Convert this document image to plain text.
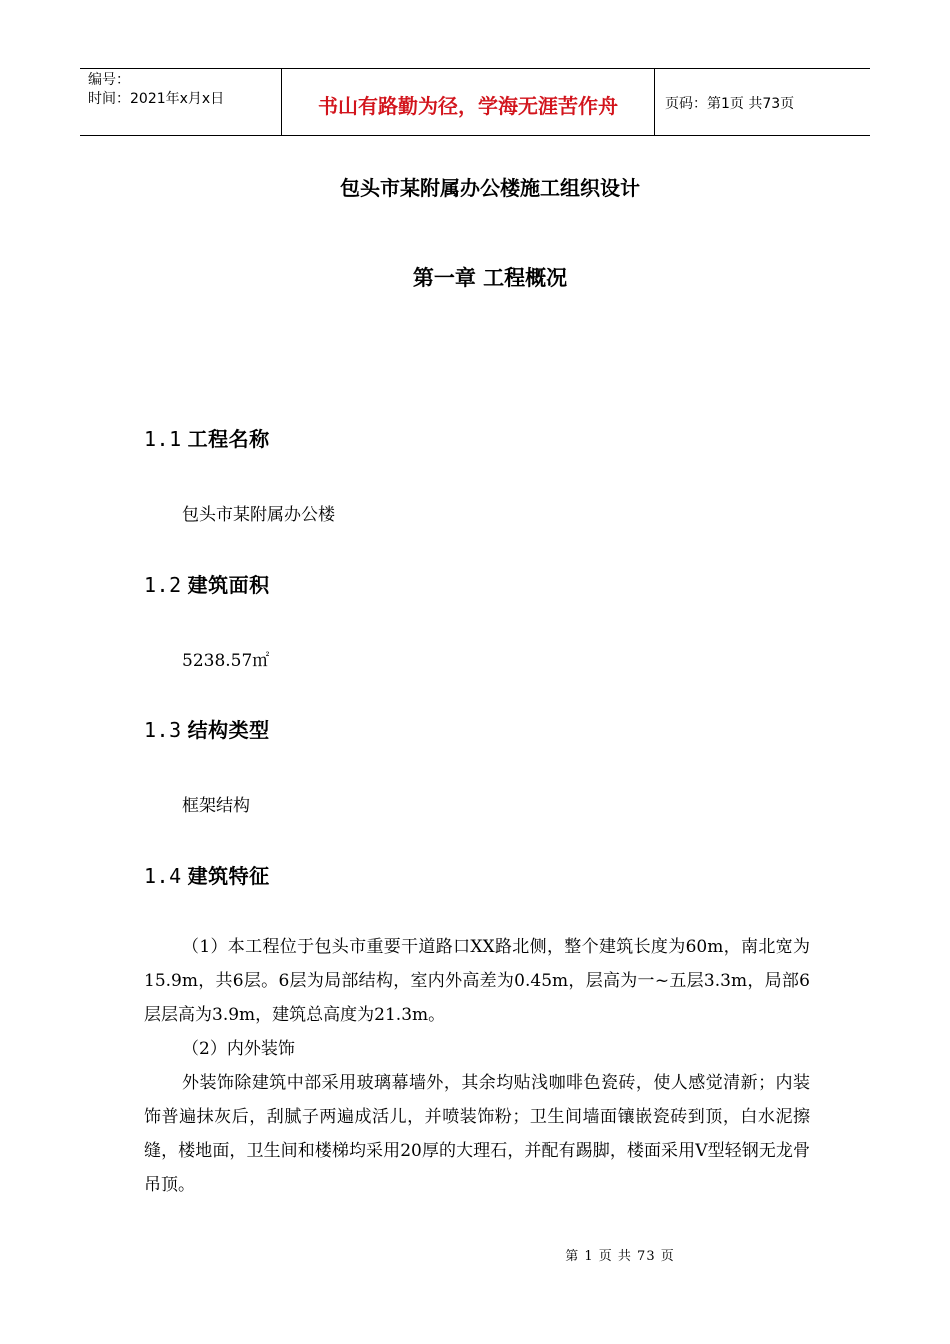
编号：
时间：2021年x月x日	书山有路勤为径，学海无涯苦作舟	页码：第1页 共73页
包头市某附属办公楼施工组织设计
第一章 工程概况
1.1 工程名称
包头市某附属办公楼
1.2 建筑面积
5238.57㎡
1.3 结构类型
框架结构
1.4 建筑特征

（1）本工程位于包头市重要干道路口XX路北侧，整个建筑长度为60m，南北宽为15.9m，共6层。6层为局部结构，室内外高差为0.45m，层高为一~五层3.3m，局部6层层高为3.9m，建筑总高度为21.3m。

（2）内外装饰

外装饰除建筑中部采用玻璃幕墙外，其余均贴浅咖啡色瓷砖，使人感觉清新；内装饰普遍抹灰后，刮腻子两遍成活儿，并喷装饰粉；卫生间墙面镶嵌瓷砖到顶，白水泥擦缝，楼地面，卫生间和楼梯均采用20厚的大理石，并配有踢脚，楼面采用V型轻钢无龙骨吊顶。

第 1 页 共 73 页
